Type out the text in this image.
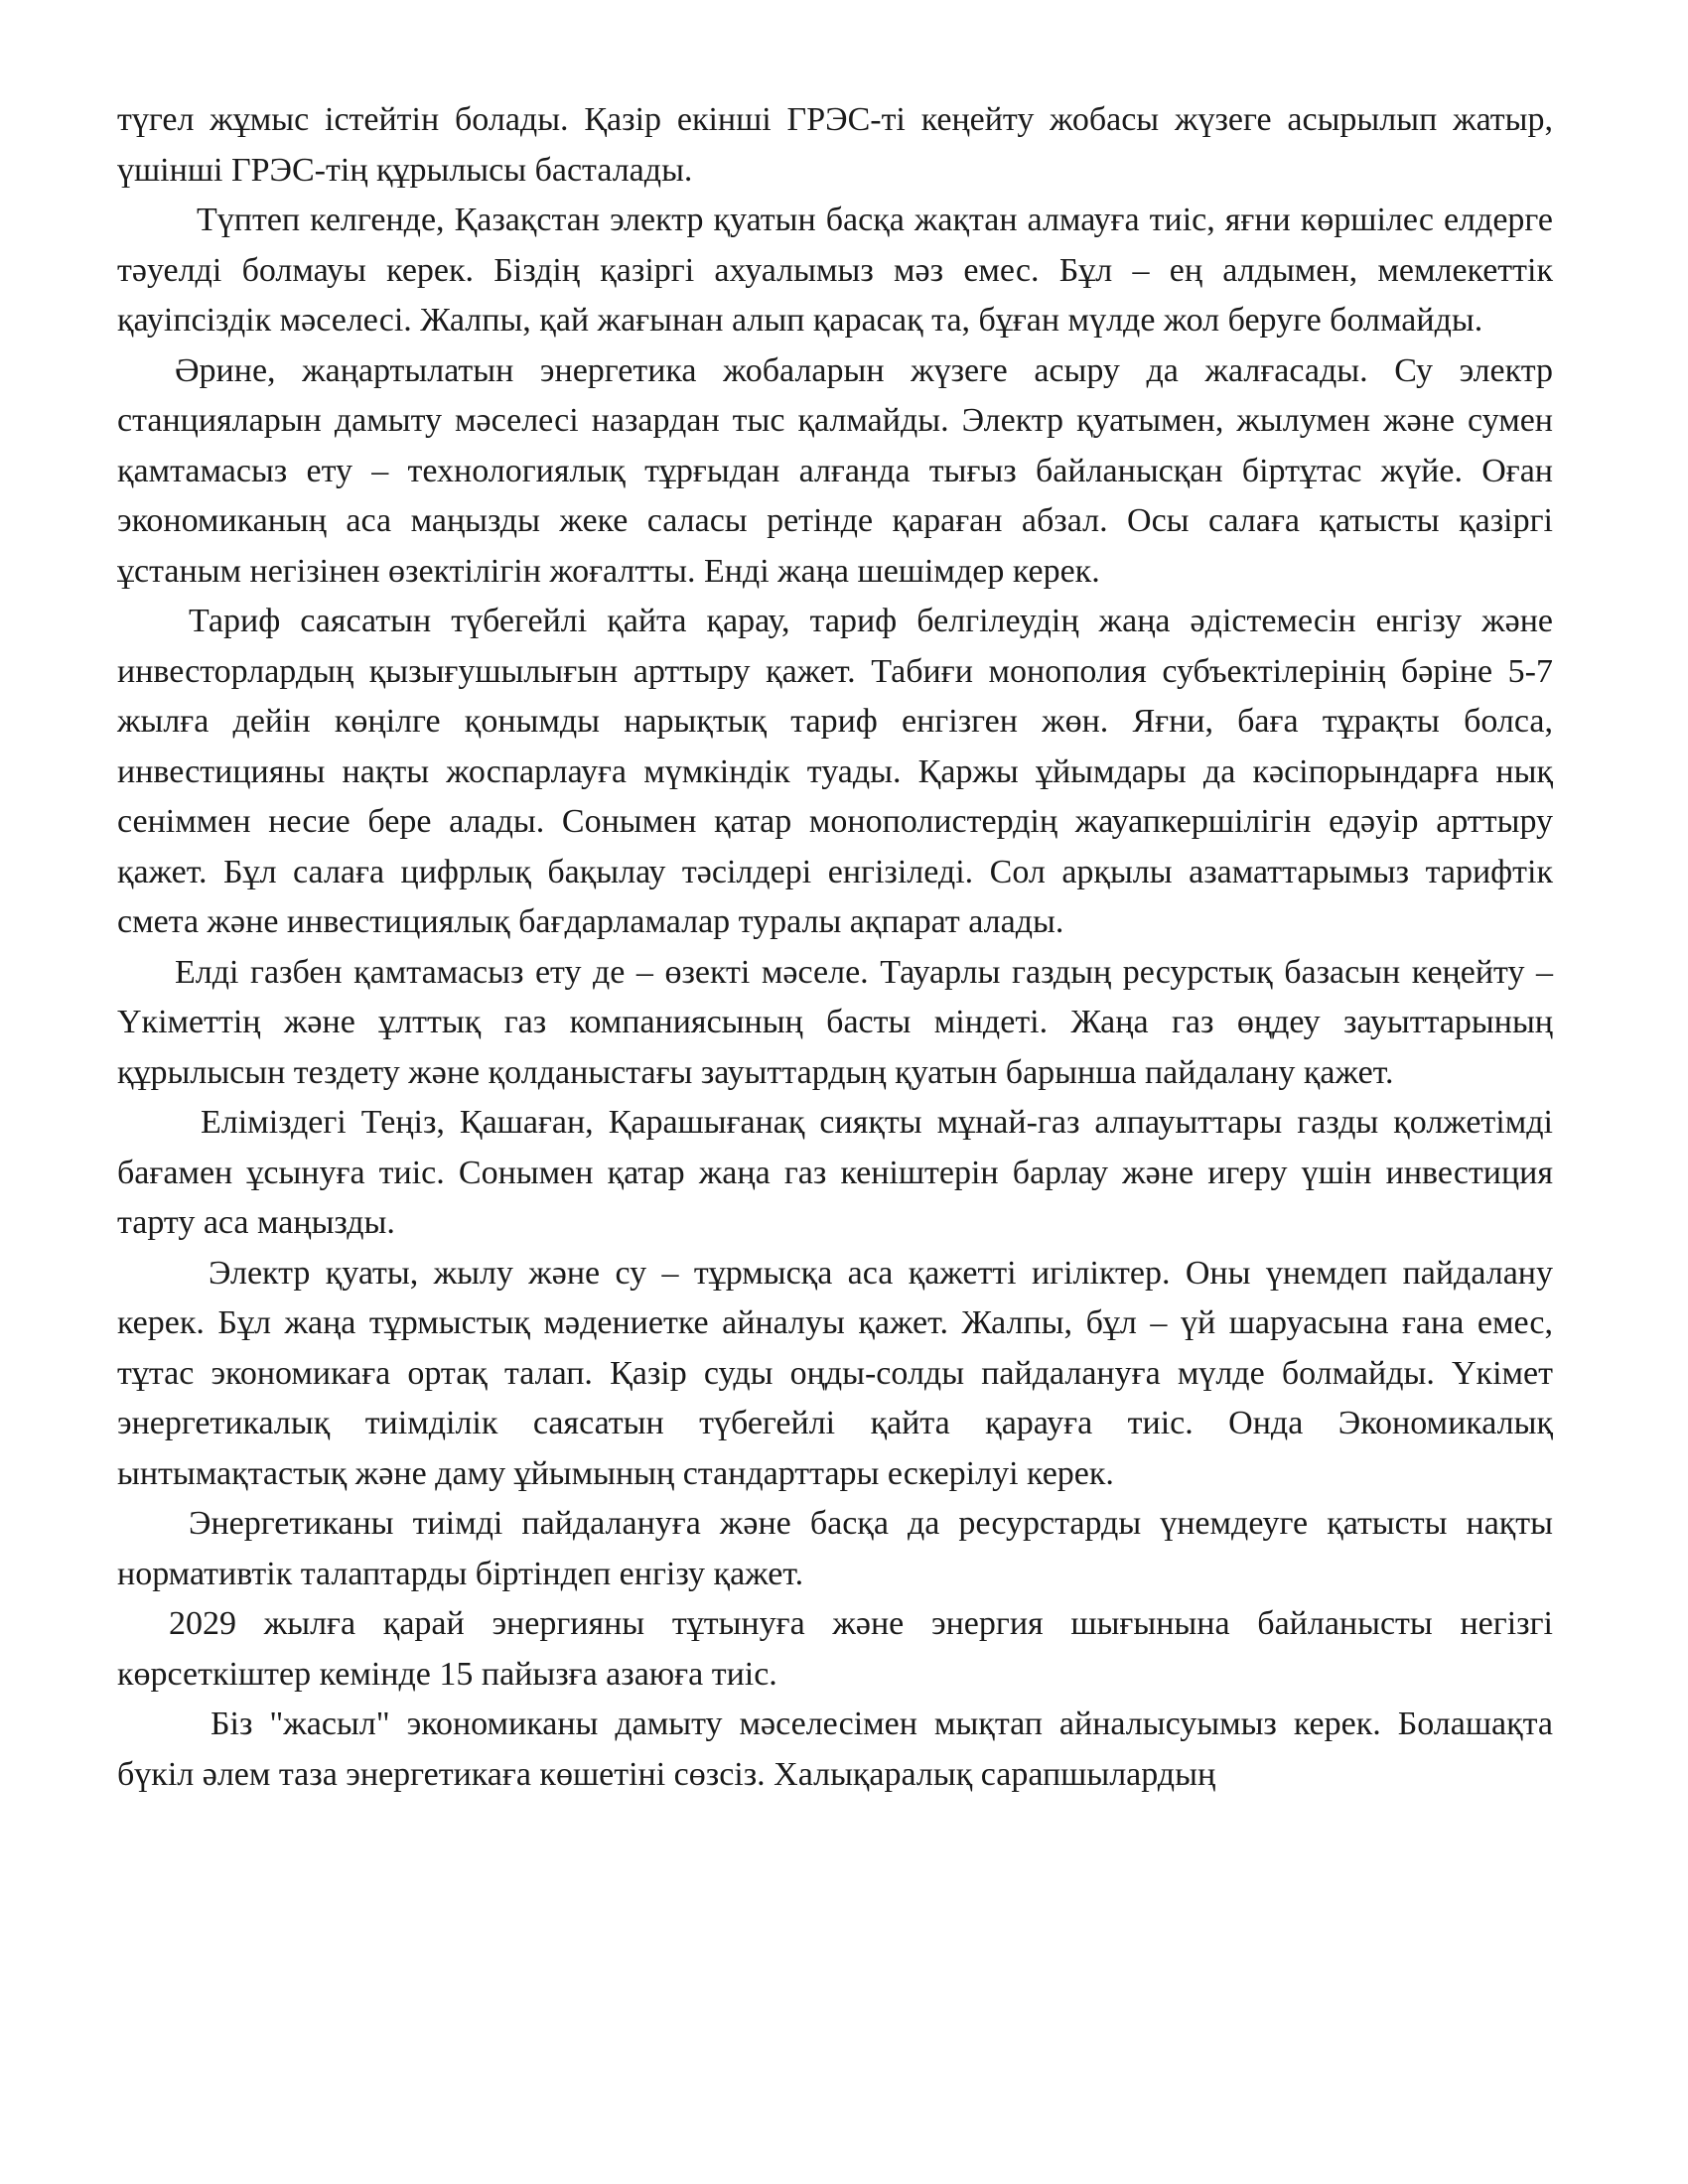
түгел жұмыс істейтін болады. Қазір екінші ГРЭС-ті кеңейту жобасы жүзеге асырылып жатыр, үшінші ГРЭС-тің құрылысы басталады.

Түптеп келгенде, Қазақстан электр қуатын басқа жақтан алмауға тиіс, яғни көршілес елдерге тәуелді болмауы керек. Біздің қазіргі ахуалымыз мәз емес. Бұл – ең алдымен, мемлекеттік қауіпсіздік мәселесі. Жалпы, қай жағынан алып қарасақ та, бұған мүлде жол беруге болмайды.

Әрине, жаңартылатын энергетика жобаларын жүзеге асыру да жалғасады. Су электр станцияларын дамыту мәселесі назардан тыс қалмайды. Электр қуатымен, жылумен және сумен қамтамасыз ету – технологиялық тұрғыдан алғанда тығыз байланысқан біртұтас жүйе. Оған экономиканың аса маңызды жеке саласы ретінде қараған абзал. Осы салаға қатысты қазіргі ұстаным негізінен өзектілігін жоғалтты. Енді жаңа шешімдер керек.

Тариф саясатын түбегейлі қайта қарау, тариф белгілеудің жаңа әдістемесін енгізу және инвесторлардың қызығушылығын арттыру қажет. Табиғи монополия субъектілерінің бәріне 5-7 жылға дейін көңілге қонымды нарықтық тариф енгізген жөн. Яғни, баға тұрақты болса, инвестицияны нақты жоспарлауға мүмкіндік туады. Қаржы ұйымдары да кәсіпорындарға нық сеніммен несие бере алады. Сонымен қатар монополистердің жауапкершілігін едәуір арттыру қажет. Бұл салаға цифрлық бақылау тәсілдері енгізіледі. Сол арқылы азаматтарымыз тарифтік смета және инвестициялық бағдарламалар туралы ақпарат алады.

Елді газбен қамтамасыз ету де – өзекті мәселе. Тауарлы газдың ресурстық базасын кеңейту – Үкіметтің және ұлттық газ компаниясының басты міндеті. Жаңа газ өңдеу зауыттарының құрылысын тездету және қолданыстағы зауыттардың қуатын барынша пайдалану қажет.

Еліміздегі Теңіз, Қашаған, Қарашығанақ сияқты мұнай-газ алпауыттары газды қолжетімді бағамен ұсынуға тиіс. Сонымен қатар жаңа газ кеніштерін барлау және игеру үшін инвестиция тарту аса маңызды.

Электр қуаты, жылу және су – тұрмысқа аса қажетті игіліктер. Оны үнемдеп пайдалану керек. Бұл жаңа тұрмыстық мәдениетке айналуы қажет. Жалпы, бұл – үй шаруасына ғана емес, тұтас экономикаға ортақ талап. Қазір суды оңды-солды пайдалануға мүлде болмайды. Үкімет энергетикалық тиімділік саясатын түбегейлі қайта қарауға тиіс. Онда Экономикалық ынтымақтастық және даму ұйымының стандарттары ескерілуі керек.

Энергетиканы тиімді пайдалануға және басқа да ресурстарды үнемдеуге қатысты нақты нормативтік талаптарды біртіндеп енгізу қажет.

2029 жылға қарай энергияны тұтынуға және энергия шығынына байланысты негізгі көрсеткіштер кемінде 15 пайызға азаюға тиіс.

Біз "жасыл" экономиканы дамыту мәселесімен мықтап айналысуымыз керек. Болашақта бүкіл әлем таза энергетикаға көшетіні сөзсіз. Халықаралық сарапшылардың
